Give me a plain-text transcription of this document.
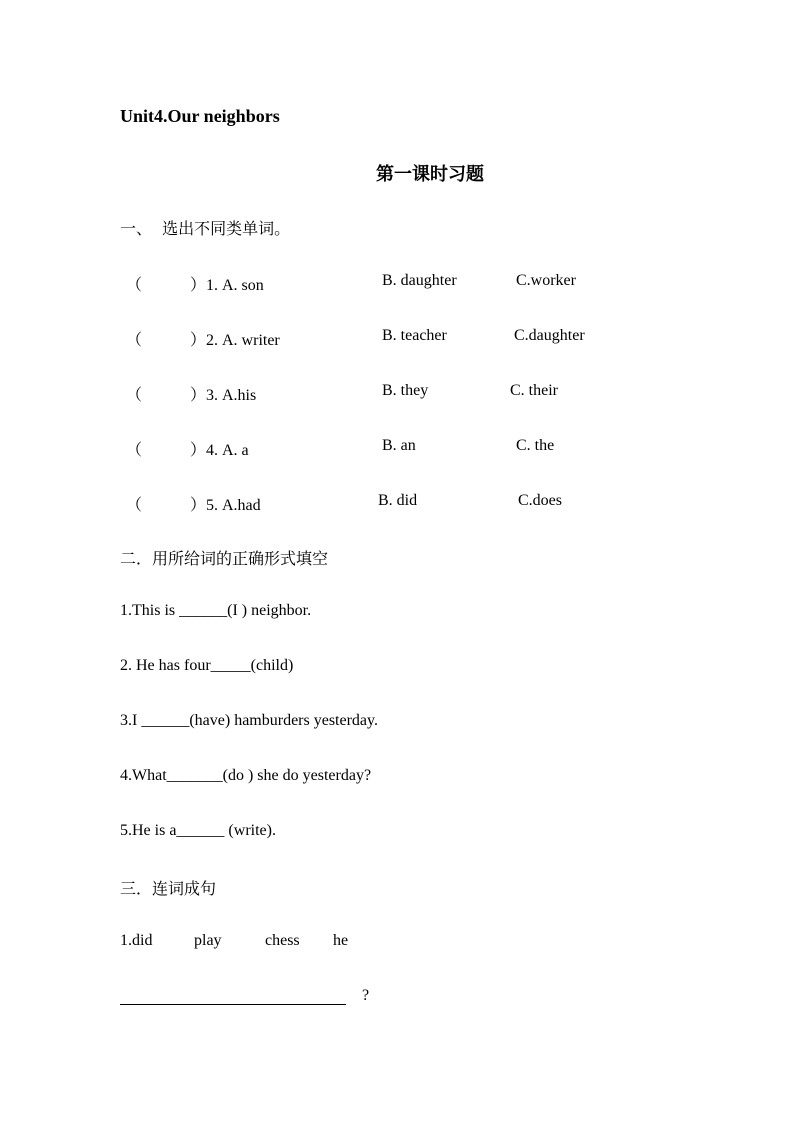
Unit4.Our neighbors
第一课时习题
一、  选出不同类单词。
（            ）1. A. son	B. daughter	C.worker
（            ）2. A. writer	B. teacher	C.daughter
（            ）3. A.his	B. they	C. their
（            ）4. A. a	B. an	C. the
（            ）5. A.had	B. did	C.does
二．用所给词的正确形式填空
1.This is ______(I ) neighbor.
2. He has four_____(child)
3.I ______(have) hamburders yesterday.
4.What_______(do ) she do yesterday?
5.He is a______ (write).
三．连词成句
1.did	play	chess he
?
